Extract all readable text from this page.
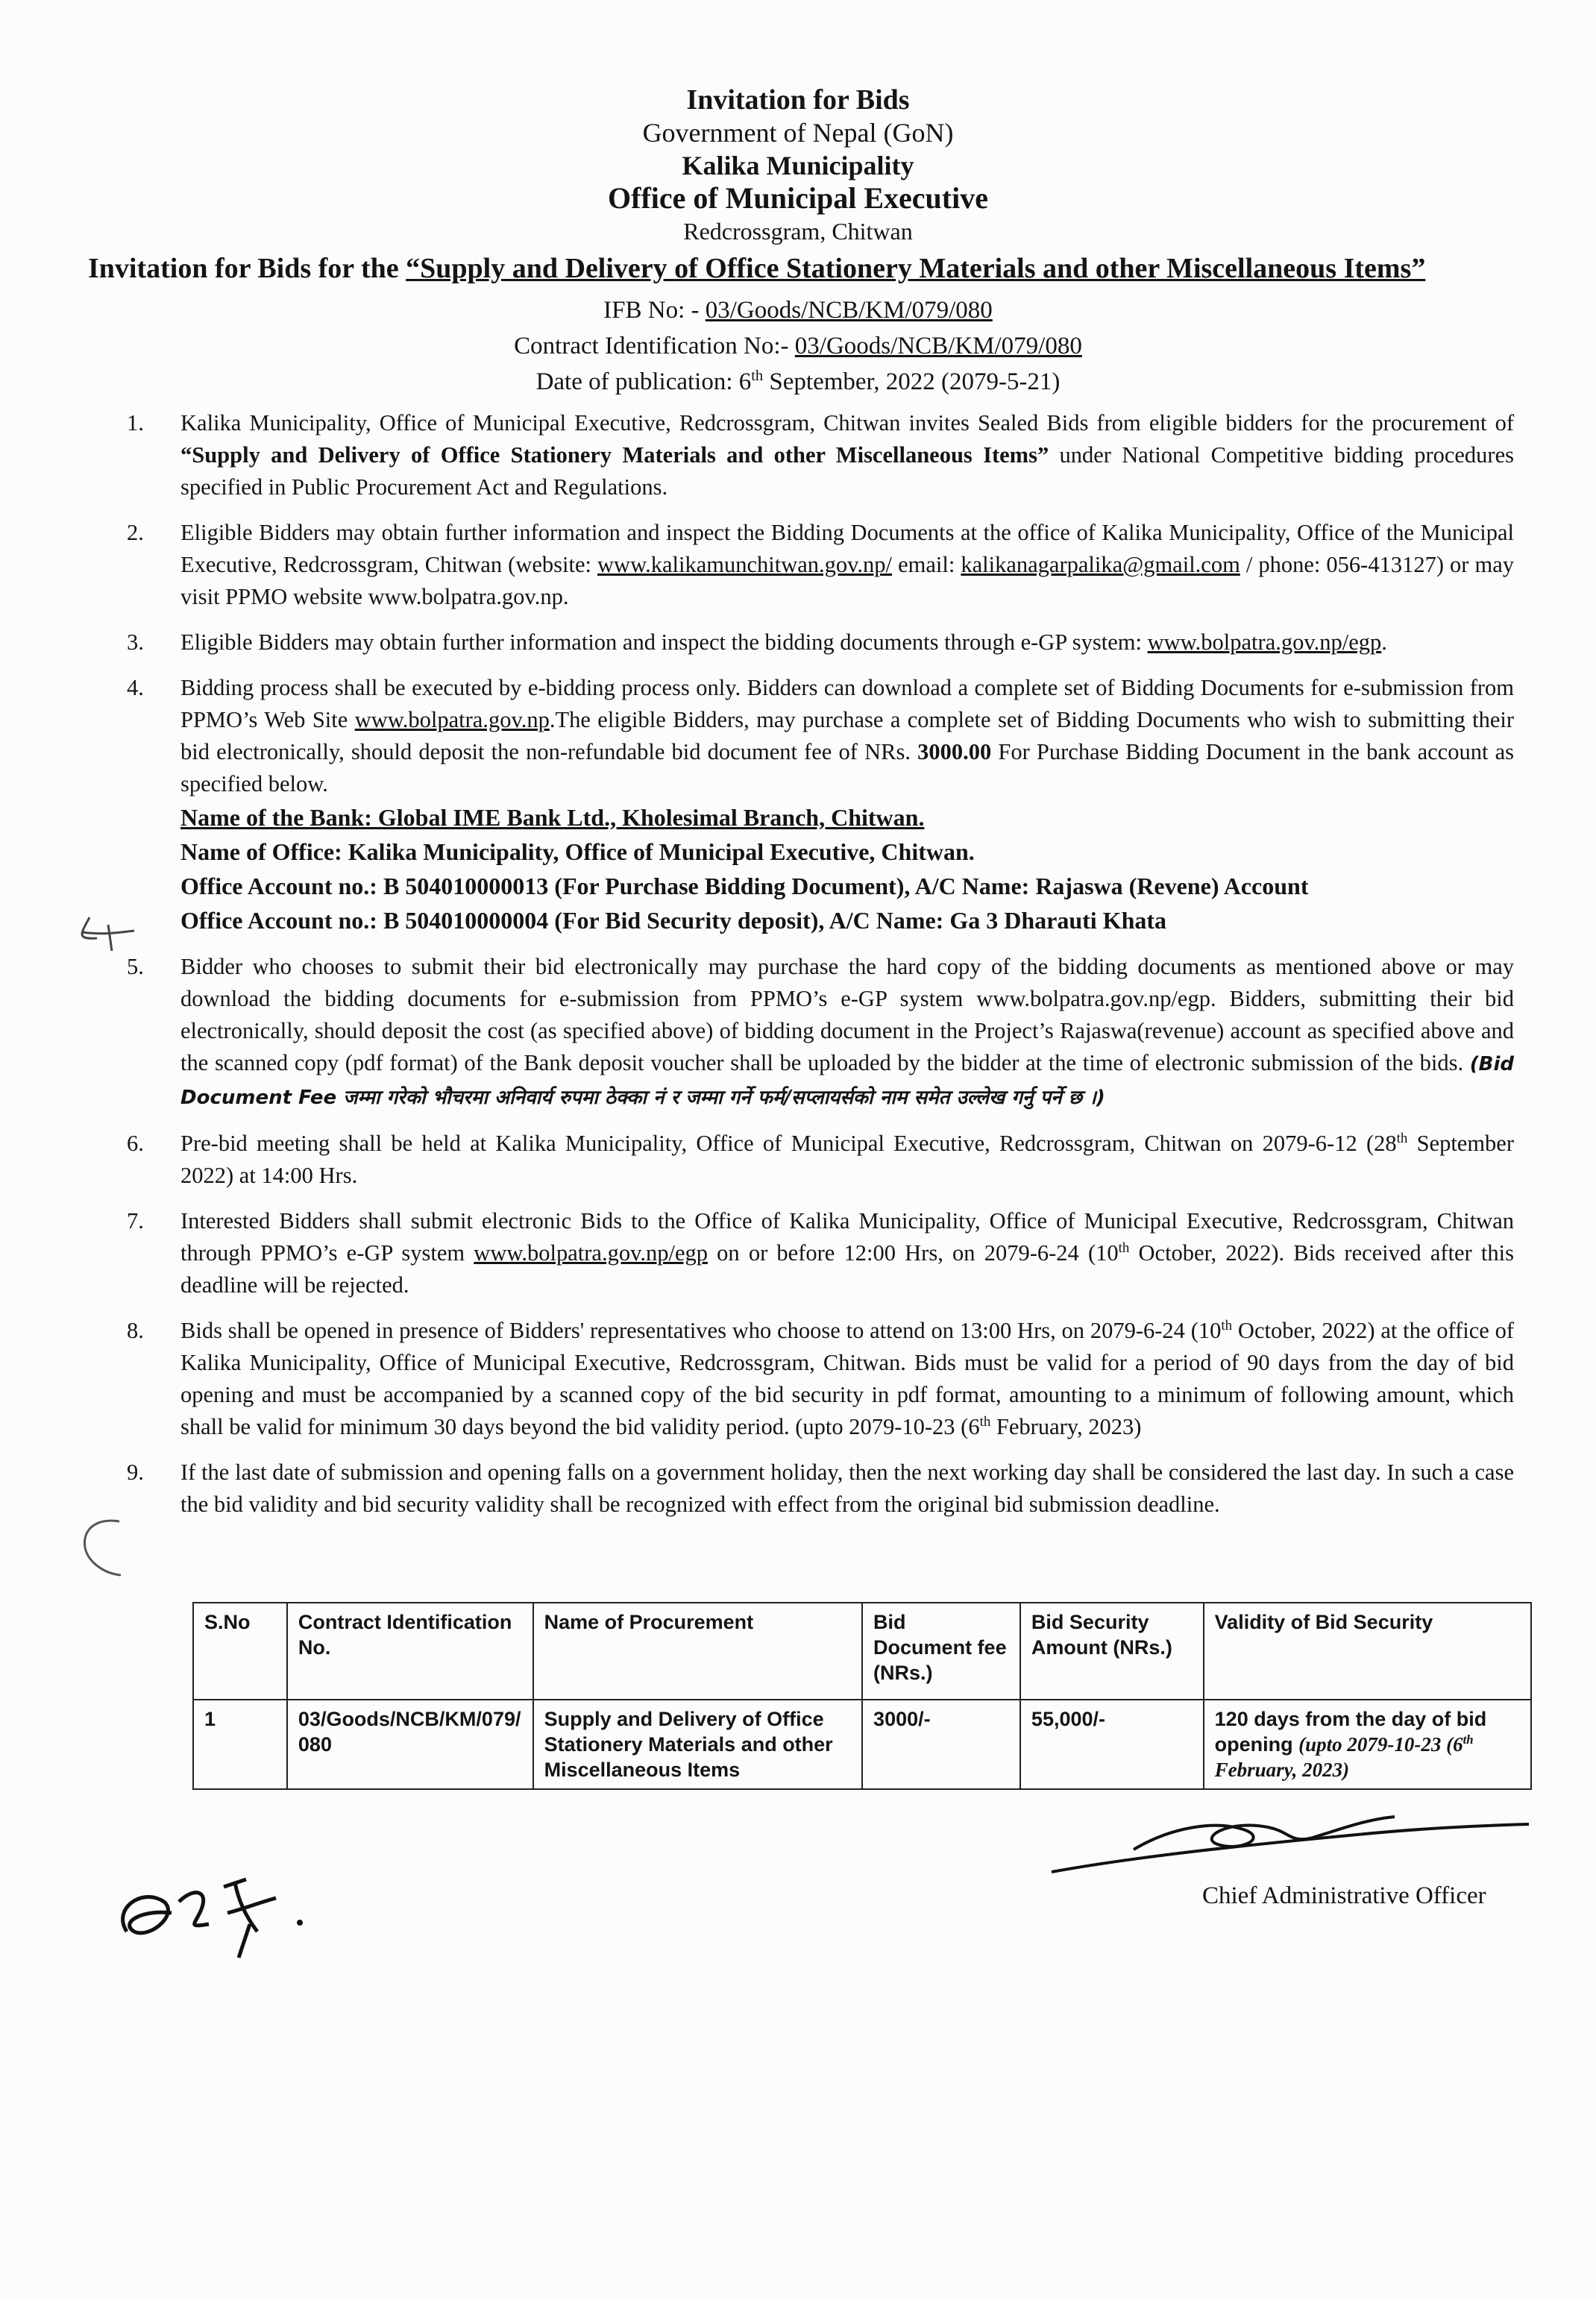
Invitation for Bids
Government of Nepal (GoN)
Kalika Municipality
Office of Municipal Executive
Redcrossgram, Chitwan
Invitation for Bids for the “Supply and Delivery of Office Stationery Materials and other Miscellaneous Items”
IFB No: - 03/Goods/NCB/KM/079/080
Contract Identification No:- 03/Goods/NCB/KM/079/080
Date of publication: 6th September, 2022 (2079-5-21)
1. Kalika Municipality, Office of Municipal Executive, Redcrossgram, Chitwan invites Sealed Bids from eligible bidders for the procurement of “Supply and Delivery of Office Stationery Materials and other Miscellaneous Items” under National Competitive bidding procedures specified in Public Procurement Act and Regulations.
2. Eligible Bidders may obtain further information and inspect the Bidding Documents at the office of Kalika Municipality, Office of the Municipal Executive, Redcrossgram, Chitwan (website: www.kalikamunchitwan.gov.np/ email: kalikanagarpalika@gmail.com / phone: 056-413127) or may visit PPMO website www.bolpatra.gov.np.
3. Eligible Bidders may obtain further information and inspect the bidding documents through e-GP system: www.bolpatra.gov.np/egp.
4. Bidding process shall be executed by e-bidding process only. Bidders can download a complete set of Bidding Documents for e-submission from PPMO’s Web Site www.bolpatra.gov.np.The eligible Bidders, may purchase a complete set of Bidding Documents who wish to submitting their bid electronically, should deposit the non-refundable bid document fee of NRs. 3000.00 For Purchase Bidding Document in the bank account as specified below.
Name of the Bank: Global IME Bank Ltd., Kholesimal Branch, Chitwan.
Name of Office: Kalika Municipality, Office of Municipal Executive, Chitwan.
Office Account no.: B 504010000013 (For Purchase Bidding Document), A/C Name: Rajaswa (Revene) Account
Office Account no.: B 504010000004 (For Bid Security deposit), A/C Name: Ga 3 Dharauti Khata
5. Bidder who chooses to submit their bid electronically may purchase the hard copy of the bidding documents as mentioned above or may download the bidding documents for e-submission from PPMO’s e-GP system www.bolpatra.gov.np/egp. Bidders, submitting their bid electronically, should deposit the cost (as specified above) of bidding document in the Project’s Rajaswa(revenue) account as specified above and the scanned copy (pdf format) of the Bank deposit voucher shall be uploaded by the bidder at the time of electronic submission of the bids. (Bid Document Fee जम्मा गरेको भौचरमा अनिवार्य रुपमा ठेक्का नं र जम्मा गर्ने फर्म/सप्लायर्सको नाम समेत उल्लेख गर्नु पर्ने छ ।)
6. Pre-bid meeting shall be held at Kalika Municipality, Office of Municipal Executive, Redcrossgram, Chitwan on 2079-6-12 (28th September 2022) at 14:00 Hrs.
7. Interested Bidders shall submit electronic Bids to the Office of Kalika Municipality, Office of Municipal Executive, Redcrossgram, Chitwan through PPMO’s e-GP system www.bolpatra.gov.np/egp on or before 12:00 Hrs, on 2079-6-24 (10th October, 2022). Bids received after this deadline will be rejected.
8. Bids shall be opened in presence of Bidders' representatives who choose to attend on 13:00 Hrs, on 2079-6-24 (10th October, 2022) at the office of Kalika Municipality, Office of Municipal Executive, Redcrossgram, Chitwan. Bids must be valid for a period of 90 days from the day of bid opening and must be accompanied by a scanned copy of the bid security in pdf format, amounting to a minimum of following amount, which shall be valid for minimum 30 days beyond the bid validity period. (upto 2079-10-23 (6th February, 2023)
9. If the last date of submission and opening falls on a government holiday, then the next working day shall be considered the last day. In such a case the bid validity and bid security validity shall be recognized with effect from the original bid submission deadline.
S.No	Contract Identification No.	Name of Procurement	Bid Document fee (NRs.)	Bid Security Amount (NRs.)	Validity of Bid Security
1	03/Goods/NCB/KM/079/080	Supply and Delivery of Office Stationery Materials and other Miscellaneous Items	3000/-	55,000/-	120 days from the day of bid opening (upto 2079-10-23 (6th February, 2023)
Chief Administrative Officer
